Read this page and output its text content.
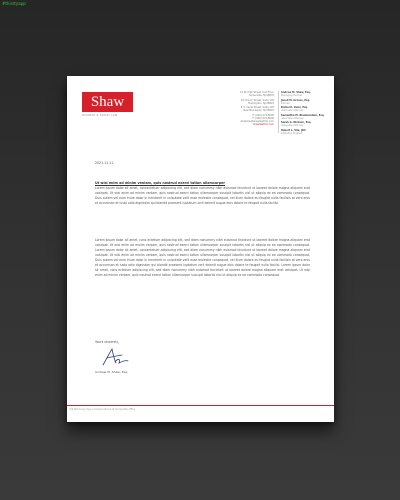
#thirstyapp
Shaw
DIVORCE & FAMILY LAW
12 W. High Street, Unit Floor
Somerville, NJ 08876
10 Church Street, Suite 102
Flemington, NJ 08822
4 S. Canal Street, Suite 103
New Brunswick, NJ 08901
P: (000) 474-8000
F: (000) 474-8000
shawlaw@shawlawfirm.com
shawlawfirm.com
Andrew M. Shaw, Esq.
Managing Partner
Janell M. Grosso, Esq.
Partner
Daniel K. Kunz, Esq.
Associate Attorney
Samantha M. Blankenstein, Esq.
Associate Attorney
Sarah G. Nickson, Esq.
Associate Attorney
Robert L. Vila, JD#
Litigation Support
2021-11-12
Ut wisi enim ad minim veniam, quis nostrud exerci tation ullamcorper

Lorem ipsum dolor sit amet, consectetuer adipiscing elit, sed diam nonummy nibh euismod tincidunt ut laoreet dolore magna aliquam erat volutpat. Ut wisi enim ad minim veniam, quis nostrud exerci tation ullamcorper suscipit lobortis nisl ut aliquip ex ea commodo consequat. Duis autem vel eum iriure dolor in hendrerit in vulputate velit esse molestie consequat, vel illum dolore eu feugiat nulla facilisis at vero eros et accumsan et iusto odio dignissim qui blandit praesent luptatum zzril delenit augue duis dolore te feugait nulla facilisi.

Lorem ipsum dolor sit amet, cons ectetuer adipiscing elit, sed diam nonummy nibh euismod tincidunt ut laoreet dolore magna aliquam erat volutpat. Ut wisi enim ad minim veniam, quis nostrud exerci tation ullamcorper suscipit lobortis nisl ut aliquip ex ea commodo consequat. Lorem ipsum dolor sit amet, consectetuer adipiscing elit, sed diam nonummy nibh euismod tincidunt ut laoreet dolore magna aliquam erat volutpat. Ut wisi enim ad minim veniam, quis nostrud exerci tation ullamcorper suscipit lobortis nisl ut aliquip ex ea commodo consequat. Duis autem vel eum iriure dolor in hendrerit in vulputate velit esse molestie consequat, vel illum dolore eu feugiat nulla facilisis at vero eros et accumsan et iusto odio dignissim qui blandit praesent luptatum zzril delenit augue duis dolore te feugait nulla facilisi. Lorem ipsum dolor sit amet, cons ectetuer adipiscing elit, sed diam nonummy nibh euismod tincidunt ut laoreet dolore magna aliquam erat volutpat. Ut wisi enim ad minim veniam, quis nostrud exerci tation ullamcorper suscipit lobortis nisl ut aliquip ex ea commodo consequat.

Yours sincerely,
Andrew M. Shaw, Esq.
*All attorneys may correspondence at Somerville office
